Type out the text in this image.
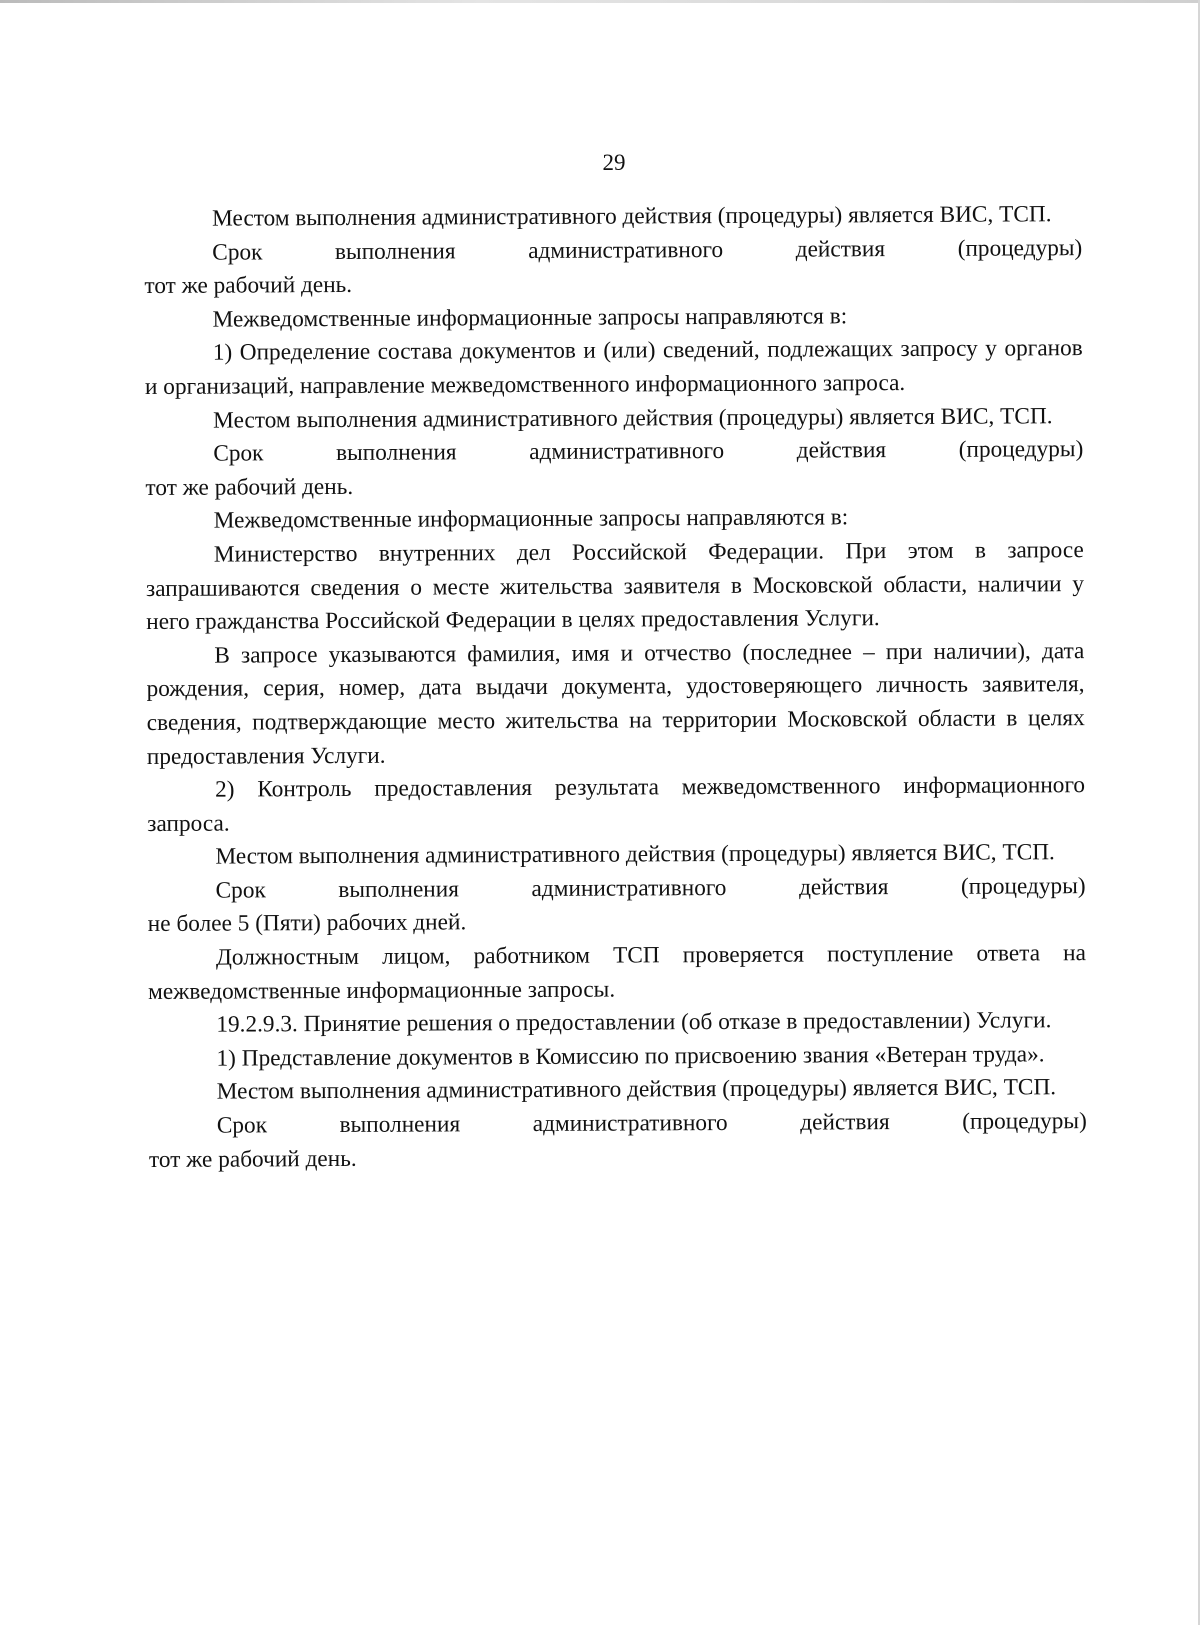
29

Местом выполнения административного действия (процедуры) является ВИС, ТСП.

Срок выполнения административного действия (процедуры)

тот же рабочий день.

Межведомственные информационные запросы направляются в:

1) Определение состава документов и (или) сведений, подлежащих запросу у органов и организаций, направление межведомственного информационного запроса.

Местом выполнения административного действия (процедуры) является ВИС, ТСП.

Срок выполнения административного действия (процедуры)

тот же рабочий день.

Межведомственные информационные запросы направляются в:

Министерство внутренних дел Российской Федерации. При этом в запросе запрашиваются сведения о месте жительства заявителя в Московской области, наличии у него гражданства Российской Федерации в целях предоставления Услуги.

В запросе указываются фамилия, имя и отчество (последнее – при наличии), дата рождения, серия, номер, дата выдачи документа, удостоверяющего личность заявителя, сведения, подтверждающие место жительства на территории Московской области в целях предоставления Услуги.

2) Контроль предоставления результата межведомственного информационного запроса.

Местом выполнения административного действия (процедуры) является ВИС, ТСП.

Срок выполнения административного действия (процедуры)

не более 5 (Пяти) рабочих дней.

Должностным лицом, работником ТСП проверяется поступление ответа на межведомственные информационные запросы.

19.2.9.3. Принятие решения о предоставлении (об отказе в предоставлении) Услуги.

1) Представление документов в Комиссию по присвоению звания «Ветеран труда».

Местом выполнения административного действия (процедуры) является ВИС, ТСП.

Срок выполнения административного действия (процедуры)

тот же рабочий день.
